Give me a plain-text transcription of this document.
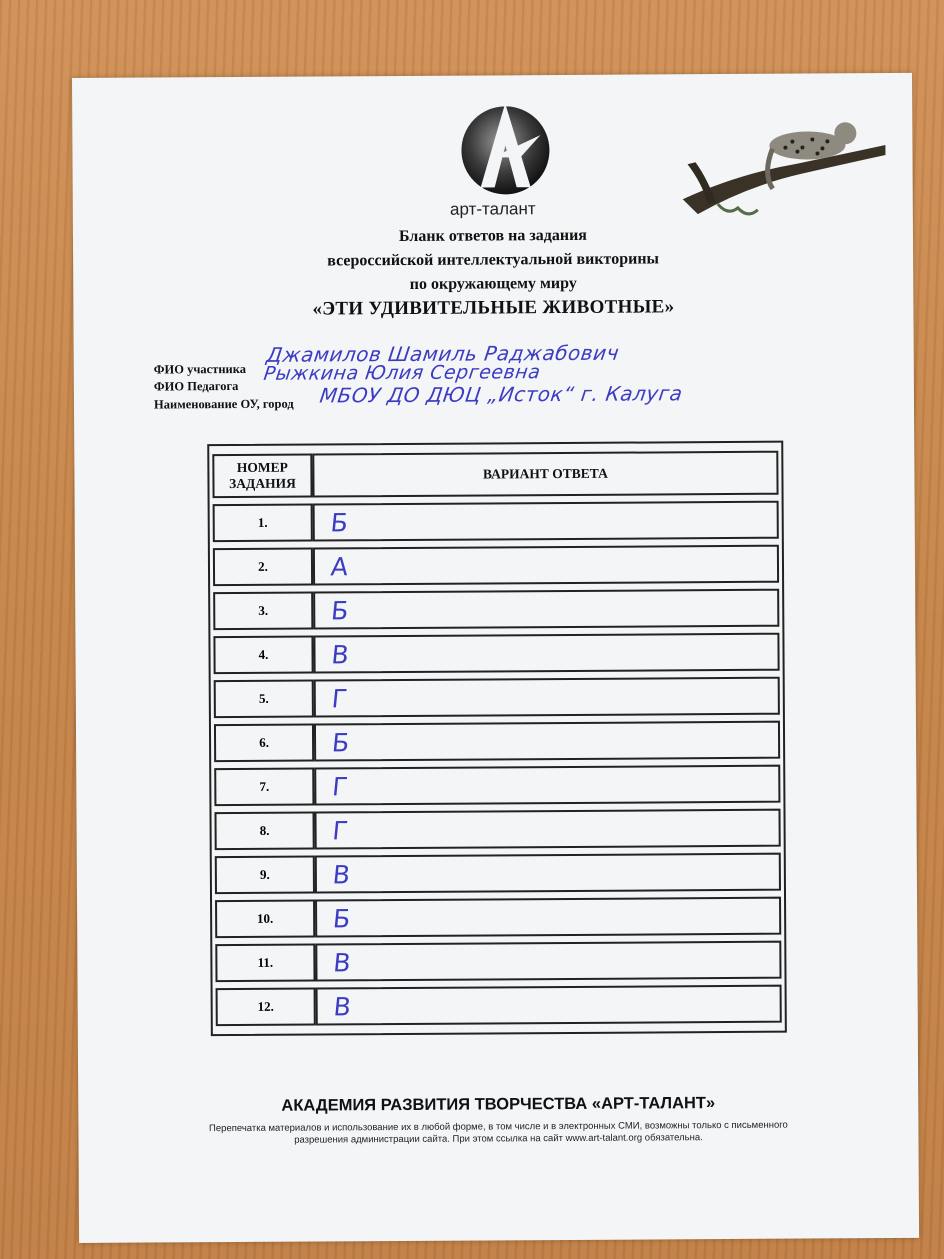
арт-талант
Бланк ответов на задания
всероссийской интеллектуальной викторины
по окружающему миру
«ЭТИ УДИВИТЕЛЬНЫЕ ЖИВОТНЫЕ»
ФИО участника
Джамилов Шамиль Раджабович
ФИО Педагога
Рыжкина Юлия Сергеевна
Наименование ОУ, город МБОУ ДО ДЮЦ „Исток“ г. Калуга
НОМЕР ЗАДАНИЯ	ВАРИАНТ ОТВЕТА
1.	Б
2.	А
3.	Б
4.	В
5.	Г
6.	Б
7.	Г
8.	Г
9.	В
10.	Б
11.	В
12.	В
АКАДЕМИЯ РАЗВИТИЯ ТВОРЧЕСТВА «АРТ-ТАЛАНТ»
Перепечатка материалов и использование их в любой форме, в том числе и в электронных СМИ, возможны только с письменного разрешения администрации сайта. При этом ссылка на сайт www.art-talant.org обязательна.
